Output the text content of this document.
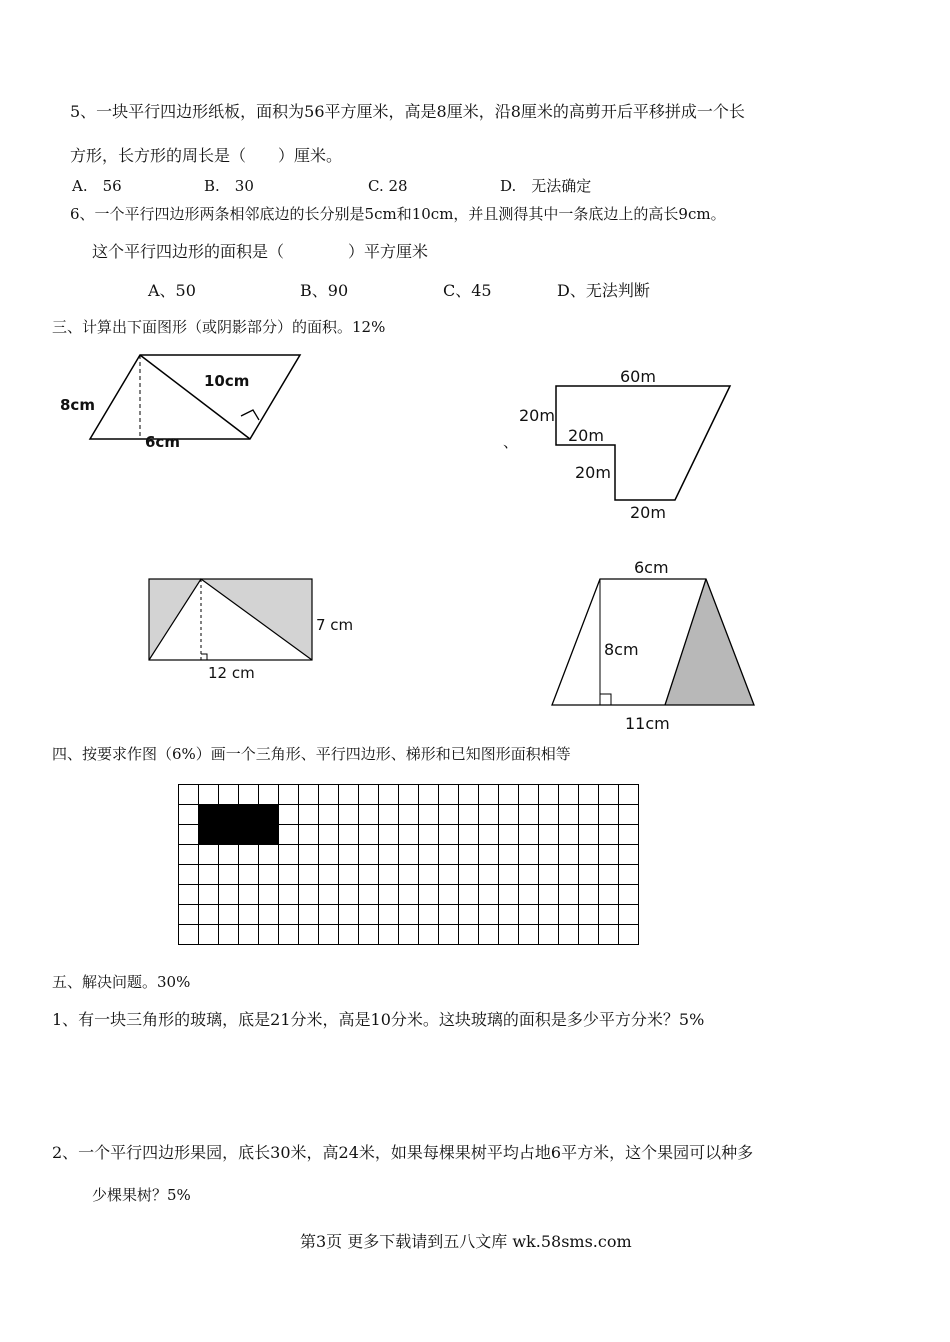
5、一块平行四边形纸板，面积为56平方厘米，高是8厘米，沿8厘米的高剪开后平移拼成一个长
方形，长方形的周长是（　　）厘米。
A.　56	B.　30	C. 28	D.　无法确定
6、一个平行四边形两条相邻底边的长分别是5cm和10cm，并且测得其中一条底边上的高长9cm。
这个平行四边形的面积是（　　　　）平方厘米
A、50	B、90	C、45	D、无法判断
三、计算出下面图形（或阴影部分）的面积。12%
8cm
10cm
6cm
60m
20m
20m
20m
20m
、
7 cm
12 cm
6cm
8cm
11cm
四、按要求作图（6%）画一个三角形、平行四边形、梯形和已知图形面积相等

五、解决问题。30%
1、有一块三角形的玻璃，底是21分米，高是10分米。这块玻璃的面积是多少平方分米？5%
2、一个平行四边形果园，底长30米，高24米，如果每棵果树平均占地6平方米，这个果园可以种多
少棵果树？5%
第3页 更多下载请到五八文库 wk.58sms.com
